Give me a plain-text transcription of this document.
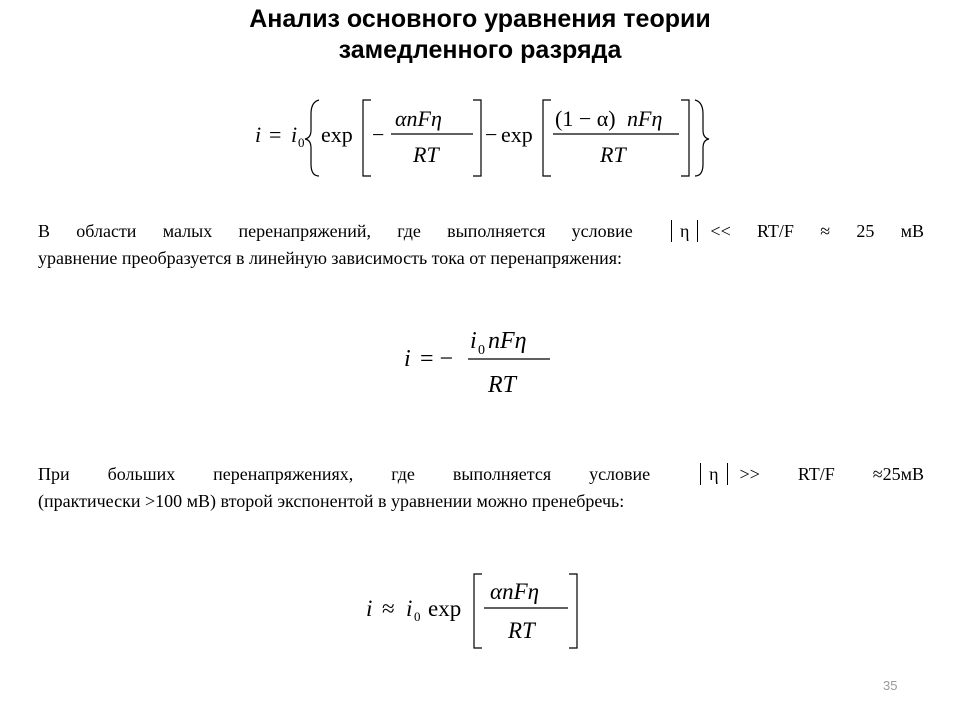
Анализ основного уравнения теории
замедленного разряда
i = i 0 exp −
αnFη
RT
− exp
(1 − α) nFη
RT
В области малых перенапряжений, где выполняется условие	η << RT/F ≈ 25 мВ
уравнение преобразуется в линейную зависимость тока от перенапряжения:
i = −
i 0 nFη
RT
При больших перенапряжениях, где выполняется условие	η >> RT/F ≈25мВ
(практически >100 мВ) второй экспонентой в уравнении можно пренебречь:
i ≈ i 0 exp
αnFη
RT
35
